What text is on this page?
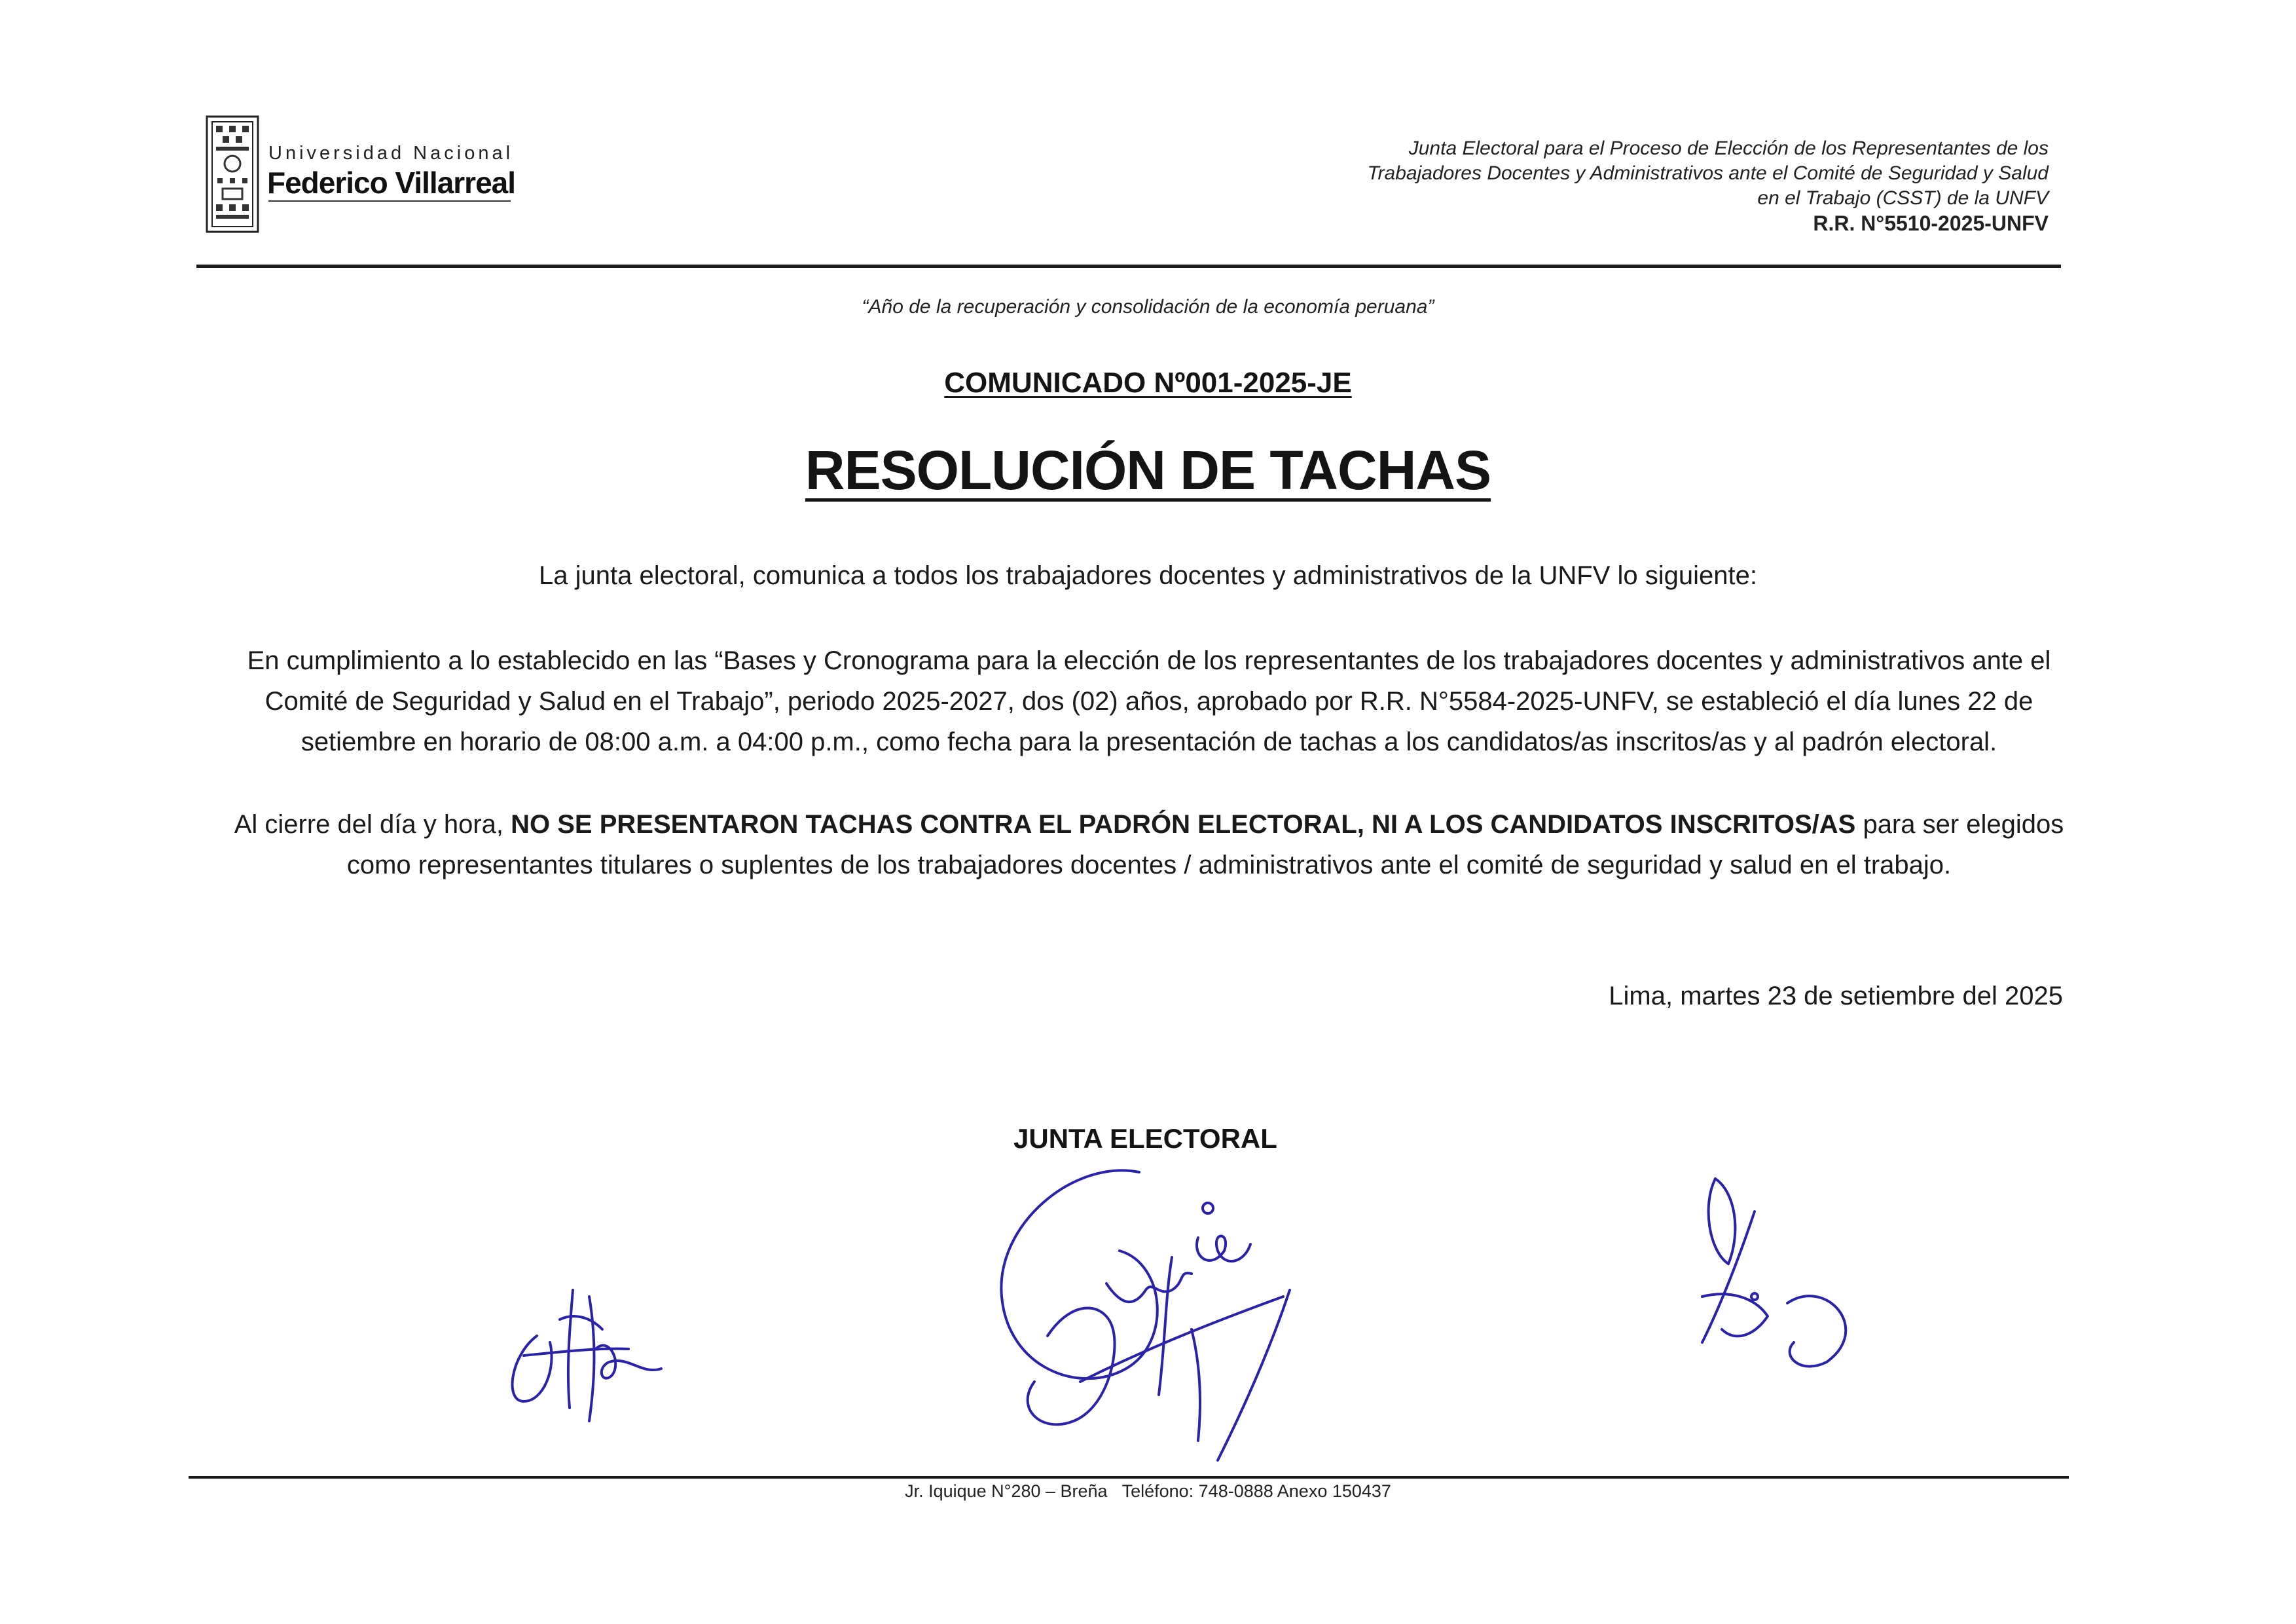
Universidad Nacional
Federico Villarreal
Junta Electoral para el Proceso de Elección de los Representantes de los
Trabajadores Docentes y Administrativos ante el Comité de Seguridad y Salud
en el Trabajo (CSST) de la UNFV
R.R. N°5510-2025-UNFV
“Año de la recuperación y consolidación de la economía peruana”
COMUNICADO Nº001-2025-JE
RESOLUCIÓN DE TACHAS
La junta electoral, comunica a todos los trabajadores docentes y administrativos de la UNFV lo siguiente:
En cumplimiento a lo establecido en las “Bases y Cronograma para la elección de los representantes de los trabajadores docentes y administrativos ante el
Comité de Seguridad y Salud en el Trabajo”, periodo 2025-2027, dos (02) años, aprobado por R.R. N°5584-2025-UNFV, se estableció el día lunes 22 de
setiembre en horario de 08:00 a.m. a 04:00 p.m., como fecha para la presentación de tachas a los candidatos/as inscritos/as y al padrón electoral.
Al cierre del día y hora, NO SE PRESENTARON TACHAS CONTRA EL PADRÓN ELECTORAL, NI A LOS CANDIDATOS INSCRITOS/AS para ser elegidos
como representantes titulares o suplentes de los trabajadores docentes / administrativos ante el comité de seguridad y salud en el trabajo.
Lima, martes 23 de setiembre del 2025
JUNTA ELECTORAL
Jr. Iquique N°280 – Breña   Teléfono: 748-0888 Anexo 150437
